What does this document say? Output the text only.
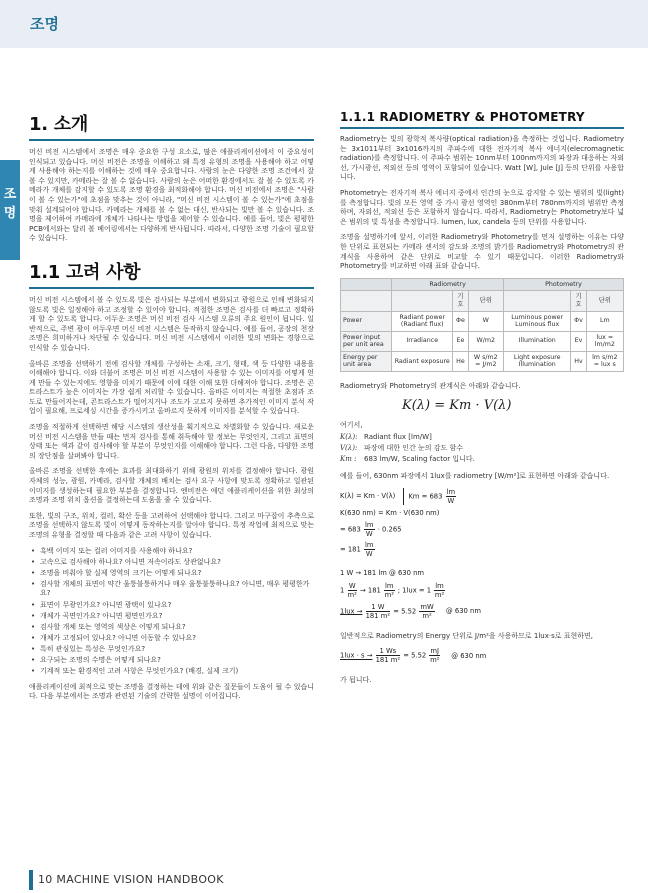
조명
조명
1. 소개

머신 비전 시스템에서 조명은 매우 중요한 구성 요소로, 많은 애플리케이션에서 이 중요성이 인식되고 있습니다. 머신 비전은 조명을 이해하고 왜 특정 유형의 조명을 사용해야 하고 어떻게 사용해야 하는지를 이해하는 것에 매우 중요합니다. 사람의 눈은 다양한 조명 조건에서 잘 볼 수 있지만, 카메라는 잘 볼 수 없습니다. 사람의 눈은 어떠한 환경에서도 잘 볼 수 있도록 카메라가 개체를 감지할 수 있도록 조명 환경을 최적화해야 합니다. 머신 비전에서 조명은 "사람이 볼 수 있는가"에 초점을 맞추는 것이 아니라, "머신 비전 시스템이 볼 수 있는가"에 초점을 맞춰 설계되어야 합니다. 카메라는 개체를 볼 수 없는 대신, 반사되는 빛만 볼 수 있습니다. 조명을 제어하여 카메라에 개체가 나타나는 방법을 제어할 수 있습니다. 예를 들어, 빛은 평평한 PCB에서와는 달리 볼 베어링에서는 다양하게 반사됩니다. 따라서, 다양한 조명 기술이 필요할 수 있습니다.

1.1 고려 사항

머신 비전 시스템에서 볼 수 있도록 빛은 검사되는 부분에서 변화되고 광원으로 인해 변화되지 않도록 빛은 일정해야 하고 조정할 수 있어야 합니다. 적절한 조명은 검사를 더 빠르고 정확하게 할 수 있도록 합니다. 어두운 조명은 머신 비전 검사 시스템 오류의 주요 원인이 됩니다. 일반적으로, 주변 광이 어두우면 머신 비전 시스템은 동작하지 않습니다. 예를 들어, 공장의 천장 조명은 희미하거나 차단될 수 있습니다. 머신 비전 시스템에서 이러한 빛의 변화는 경향으로 인식할 수 있습니다.

올바른 조명을 선택하기 전에 검사할 개체를 구성하는 소재, 크기, 형태, 색 등 다양한 내용을 이해해야 합니다. 이와 더불어 조명은 머신 비전 시스템이 사용할 수 있는 이미지를 어떻게 얻게 만들 수 있는지에도 영향을 미치기 때문에 이에 대한 이해 또한 더해져야 합니다. 조명은 콘트라스트가 높은 이미지는 가장 쉽게 처리할 수 있습니다. 올바른 이미지는 적절한 초점과 조도로 만들어지는데, 콘트라스트가 떨어지거나 조도가 고르지 못하면 추가적인 이미지 분석 작업이 필요해, 프로세싱 시간을 증가시키고 올바르지 못하게 이미지를 분석할 수 있습니다.

조명을 적절하게 선택하면 해당 시스템의 생산성을 획기적으로 차별화할 수 있습니다. 새로운 머신 비전 시스템을 만들 때는 먼저 검사를 통해 취득해야 할 정보는 무엇인지, 그리고 표면의 상태 또는 색과 같이 검사해야 할 부분이 무엇인지를 이해해야 합니다. 그런 다음, 다양한 조명의 장단점을 살펴봐야 합니다.

올바른 조명을 선택한 후에는 효과를 최대화하기 위해 광원의 위치를 결정해야 합니다. 광원 자체의 성능, 광원, 카메라, 검사할 개체의 배치는 검사 요구 사항에 맞도록 정확하고 일관된 이미지를 생성하는데 필요한 부분을 결정합니다. 엔비전은 애던 애플리케이션을 위한 최상의 조명과 조명 위치 옵션을 결정하는데 도움을 줄 수 있습니다.

또한, 빛의 구조, 위치, 컬러, 확산 등을 고려하여 선택해야 합니다. 그리고 마구잡이 추측으로 조명을 선택하지 않도록 빛이 어떻게 동작하는지를 알아야 합니다. 특정 작업에 최적으로 맞는 조명의 유형을 결정할 때 다음과 같은 고려 사항이 있습니다.

• 흑백 이미지 또는 컬러 이미지를 사용해야 하나요?
• 고속으로 검사해야 하나요? 아니면 저속이라도 상관없나요?
• 조명을 비춰야 할 실제 영역의 크기는 어떻게 되나요?
• 검사할 개체의 표면이 약간 울퉁불퉁하거나 매우 울퉁불퉁하나요? 아니면, 매우 평평한가요?
• 표면이 무광인가요? 아니면 광택이 있나요?
• 개체가 곡면인가요? 아니면 평면인가요?
• 검사할 개체 또는 영역의 색상은 어떻게 되나요?
• 개체가 고정되어 있나요? 아니면 이동할 수 있나요?
• 특히 관심있는 특성은 무엇인가요?
• 요구되는 조명의 수명은 어떻게 되나요?
• 기계적 또는 환경적인 고려 사항은 무엇인가요? (배경, 실제 크기)

애플리케이션에 최적으로 맞는 조명을 결정하는 데에 위와 같은 질문들이 도움이 될 수 있습니다. 다음 부분에서는 조명과 관련된 기술의 간략한 설명이 이어집니다.

1.1.1 RADIOMETRY & PHOTOMETRY

Radiometry는 빛의 광학적 복사량(optical radiation)을 측정하는 것입니다. Radiometry는 3x1011부터 3x1016까지의 주파수에 대한 전자기적 복사 에너지(elecromagnetic radiation)를 측정합니다. 이 주파수 범위는 10nm부터 100nm까지의 파장과 대응하는 자외선, 가시광선, 적외선 등의 영역이 포함되어 있습니다. Watt [W], Jule [J] 등의 단위를 사용합니다.

Photometry는 전자기적 복사 에너지 중에서 인간의 눈으로 감지할 수 있는 범위의 빛(light)를 측정합니다. 빛의 모든 영역 중 가시 광선 영역인 380nm부터 780nm까지의 범위만 측정하며, 자외선, 적외선 등은 포함하지 않습니다. 따라서, Radiometry는 Photometry보다 넓은 범위의 빛 특성을 측정합니다. lumen, lux, candela 등의 단위를 사용합니다.

조명을 설명하기에 앞서, 이러한 Radiometry와 Photometry를 먼저 설명하는 이유는 다양한 단위로 표현되는 카메라 센서의 감도와 조명의 밝기를 Radiometry와 Photometry의 관계식을 사용하여 같은 단위로 비교할 수 있기 때문입니다. 이러한 Radiometry와 Photometry를 비교하면 아래 표와 같습니다.

	Radiometry			Photometry		
		기호	단위		기호	단위
Power	Radiant power (Radiant flux)	Φe	W	Luminous power Luminous flux	Φv	Lm
Power input per unit area	Irradiance	Ee	W/m2	Illumination	Ev	lux = lm/m2
Energy per unit area	Radiant exposure	He	W s/m2 = J/m2	Light exposure Illumination	Hv	lm s/m2 = lux s

Radiometry와 Photometry의 관계식은 아래와 같습니다.

K(λ) = Km · V(λ)

여기서,

K(λ): Radiant flux [lm/W]
V(λ): 파장에 대한 인간 눈의 감도 함수
Km :	683 lm/W, Scaling factor 입니다.

예를 들어, 630nm 파장에서 1lux를 radiometry [W/m²]로 표현하면 아래와 같습니다.

K(λ) = Km · V(λ)	$Km = 683 \frac{lm}{W}$
K(630 nm) = Km · V(630 nm)
= $683 \frac{lm}{W} \cdot 0.265$
= $181 \frac{lm}{W}$
1 W → 181 lm @ 630 nm
$1 \frac{W}{\text{m²}} \to 181 \frac{lm}{\text{m²}}$ ; $1lux = 1 \frac{lm}{\text{m²}}$
$1lux \to \frac{1 W}{\text{181 m²}} = 5.52 \frac{mW}{\text{m²}}$ @ 630 nm

일반적으로 Radiometry의 Energy 단위로 J/m²을 사용하므로 1lux·s로 표현하면,

$1lux \cdot s \to \frac{1 Ws}{\text{181 m²}} = 5.52 \frac{mJ}{\text{m²}}$ @ 630 nm

가 됩니다.

10 MACHINE VISION HANDBOOK
